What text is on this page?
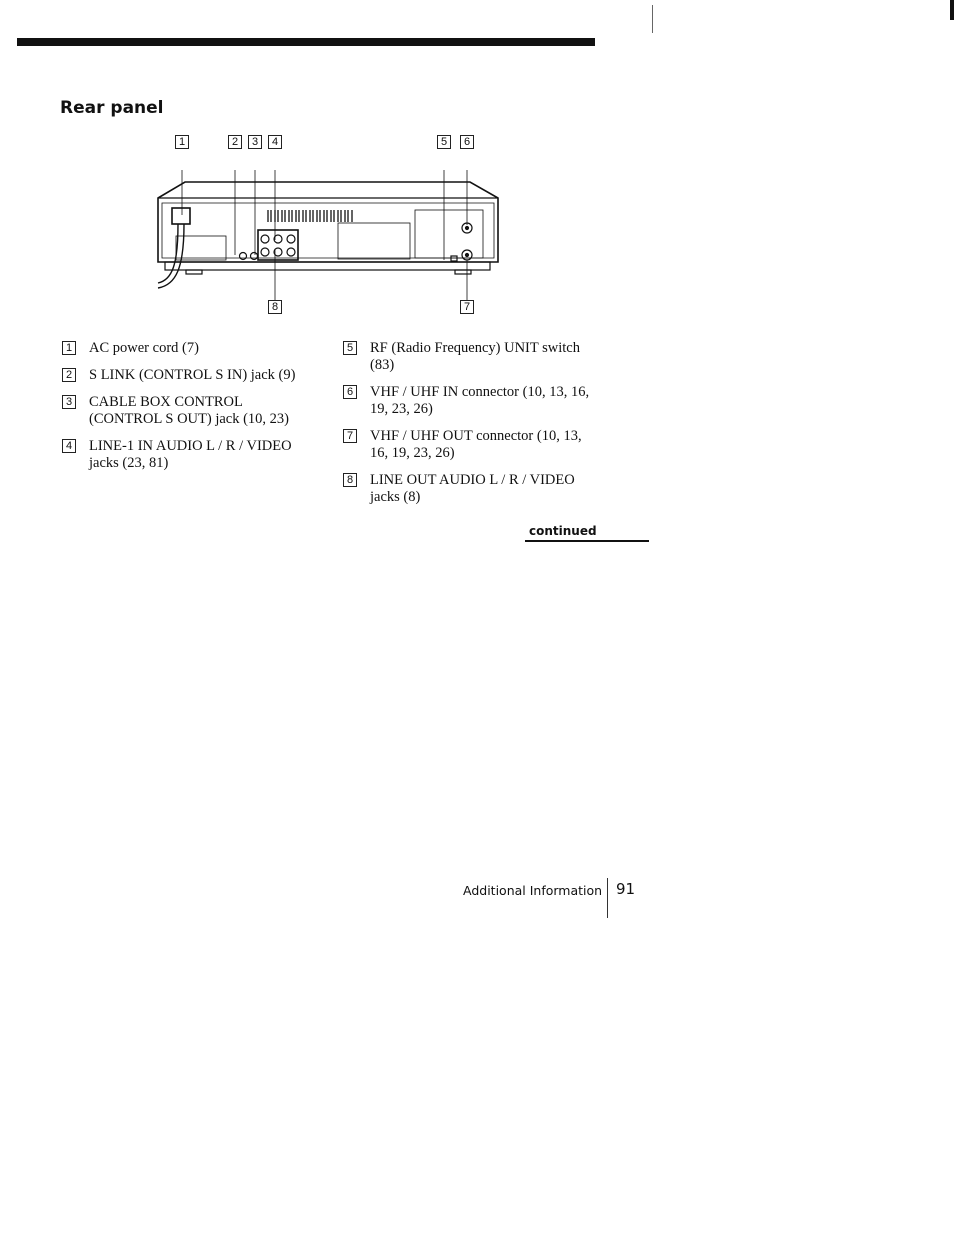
Rear panel
1	2	3	4	5	6
8	7
1 AC power cord (7)
2 S LINK (CONTROL S IN) jack (9)
3 CABLE BOX CONTROL (CONTROL S OUT) jack (10, 23)
4 LINE-1 IN AUDIO L / R / VIDEO jacks (23, 81)
5 RF (Radio Frequency) UNIT switch (83)
6 VHF / UHF IN connector (10, 13, 16, 19, 23, 26)
7 VHF / UHF OUT connector (10, 13, 16, 19, 23, 26)
8 LINE OUT AUDIO L / R / VIDEO jacks (8)
continued
Additional Information 91
